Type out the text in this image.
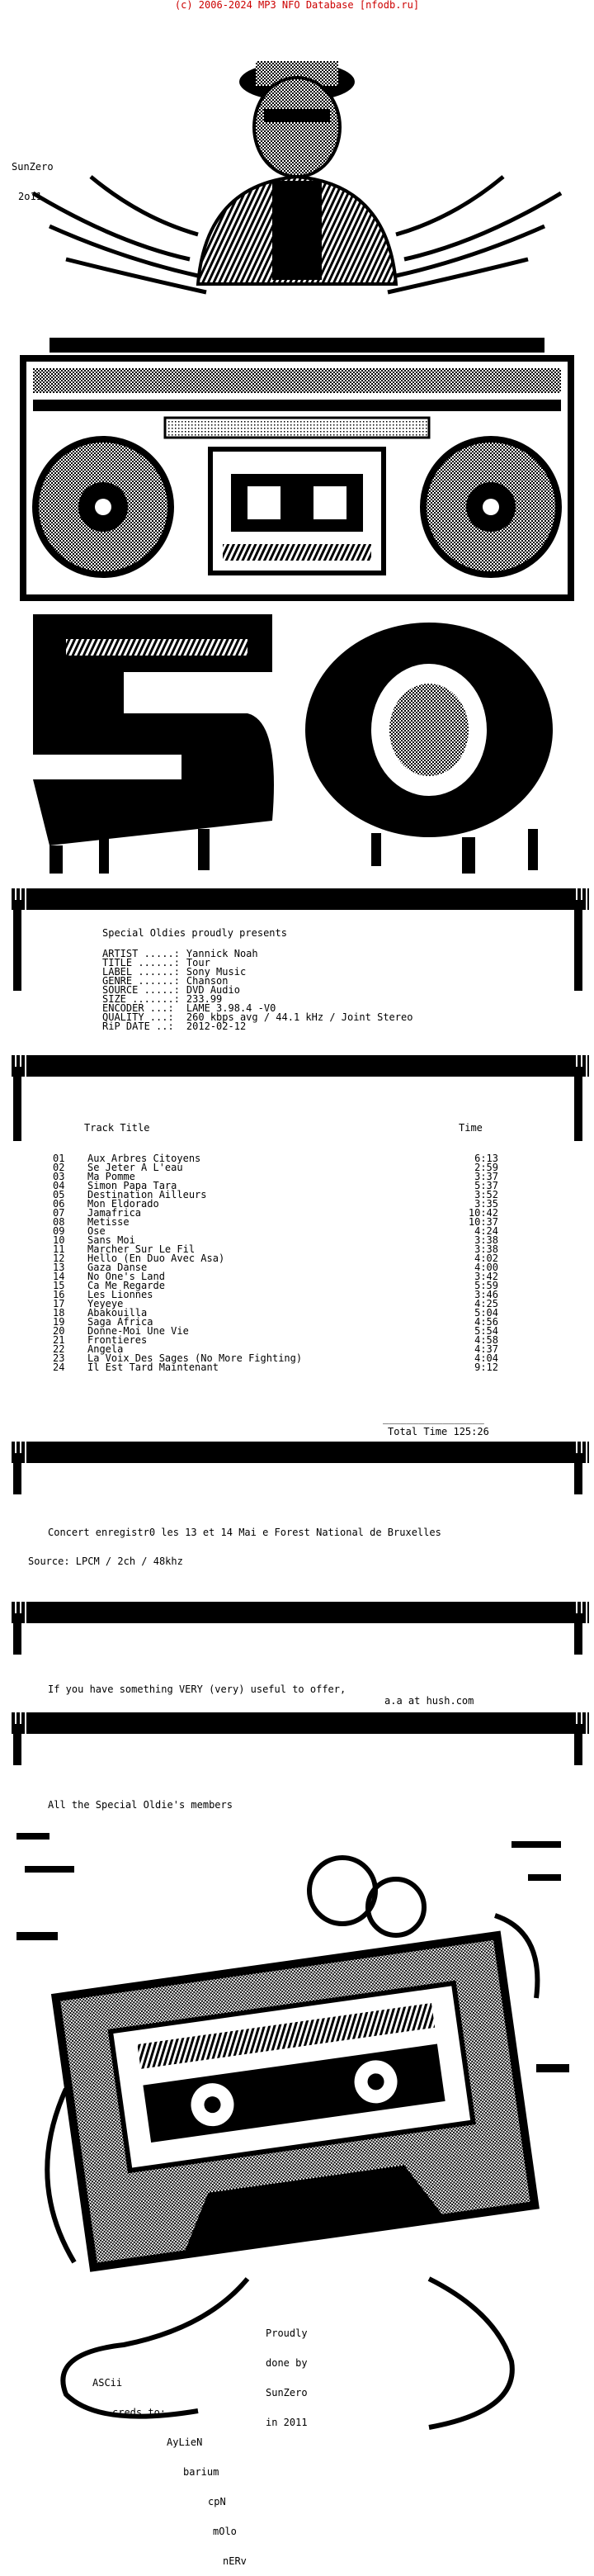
(c) 2006-2024 MP3 NFO Database [nfodb.ru]

SunZero

2o11

Special Oldies proudly presents
ARTIST .....:	Yannick Noah
TITLE ......:	Tour
LABEL ......:	Sony Music
GENRE ......:	Chanson
SOURCE .....:	DVD Audio
SIZE .......:	233.99
ENCODER ...:	LAME 3.98.4 -V0
QUALITY ...:	260 kbps avg / 44.1 kHz / Joint Stereo
RiP DATE ..:	2012-02-12
Track Title	Time
01	Aux Arbres Citoyens	6:13
02	Se Jeter A L'eau	2:59
03	Ma Pomme	3:37
04	Simon Papa Tara	5:37
05	Destination Ailleurs	3:52
06	Mon Eldorado	3:35
07	Jamafrica	10:42
08	Metisse	10:37
09	Ose	4:24
10	Sans Moi	3:38
11	Marcher Sur Le Fil	3:38
12	Hello (En Duo Avec Asa)	4:02
13	Gaza Danse	4:00
14	No One's Land	3:42
15	Ca Me Regarde	5:59
16	Les Lionnes	3:46
17	Yeyeye	4:25
18	Abakouilla	5:04
19	Saga Africa	4:56
20	Donne-Moi Une Vie	5:54
21	Frontieres	4:58
22	Angela	4:37
23	La Voix Des Sages (No More Fighting)	4:04
24	Il Est Tard Maintenant	9:12
_________________
Total Time 125:26
Concert enregistr0 les 13 et 14 Mai e Forest National de Bruxelles
Source: LPCM / 2ch / 48khz
If you have something VERY (very) useful to offer,
a.a at hush.com
All the Special Oldie's members

Proudly

done by

SunZero

in 2011

ASCii

creds to:

AyLieN

barium

cpN

mOlo

nERv
